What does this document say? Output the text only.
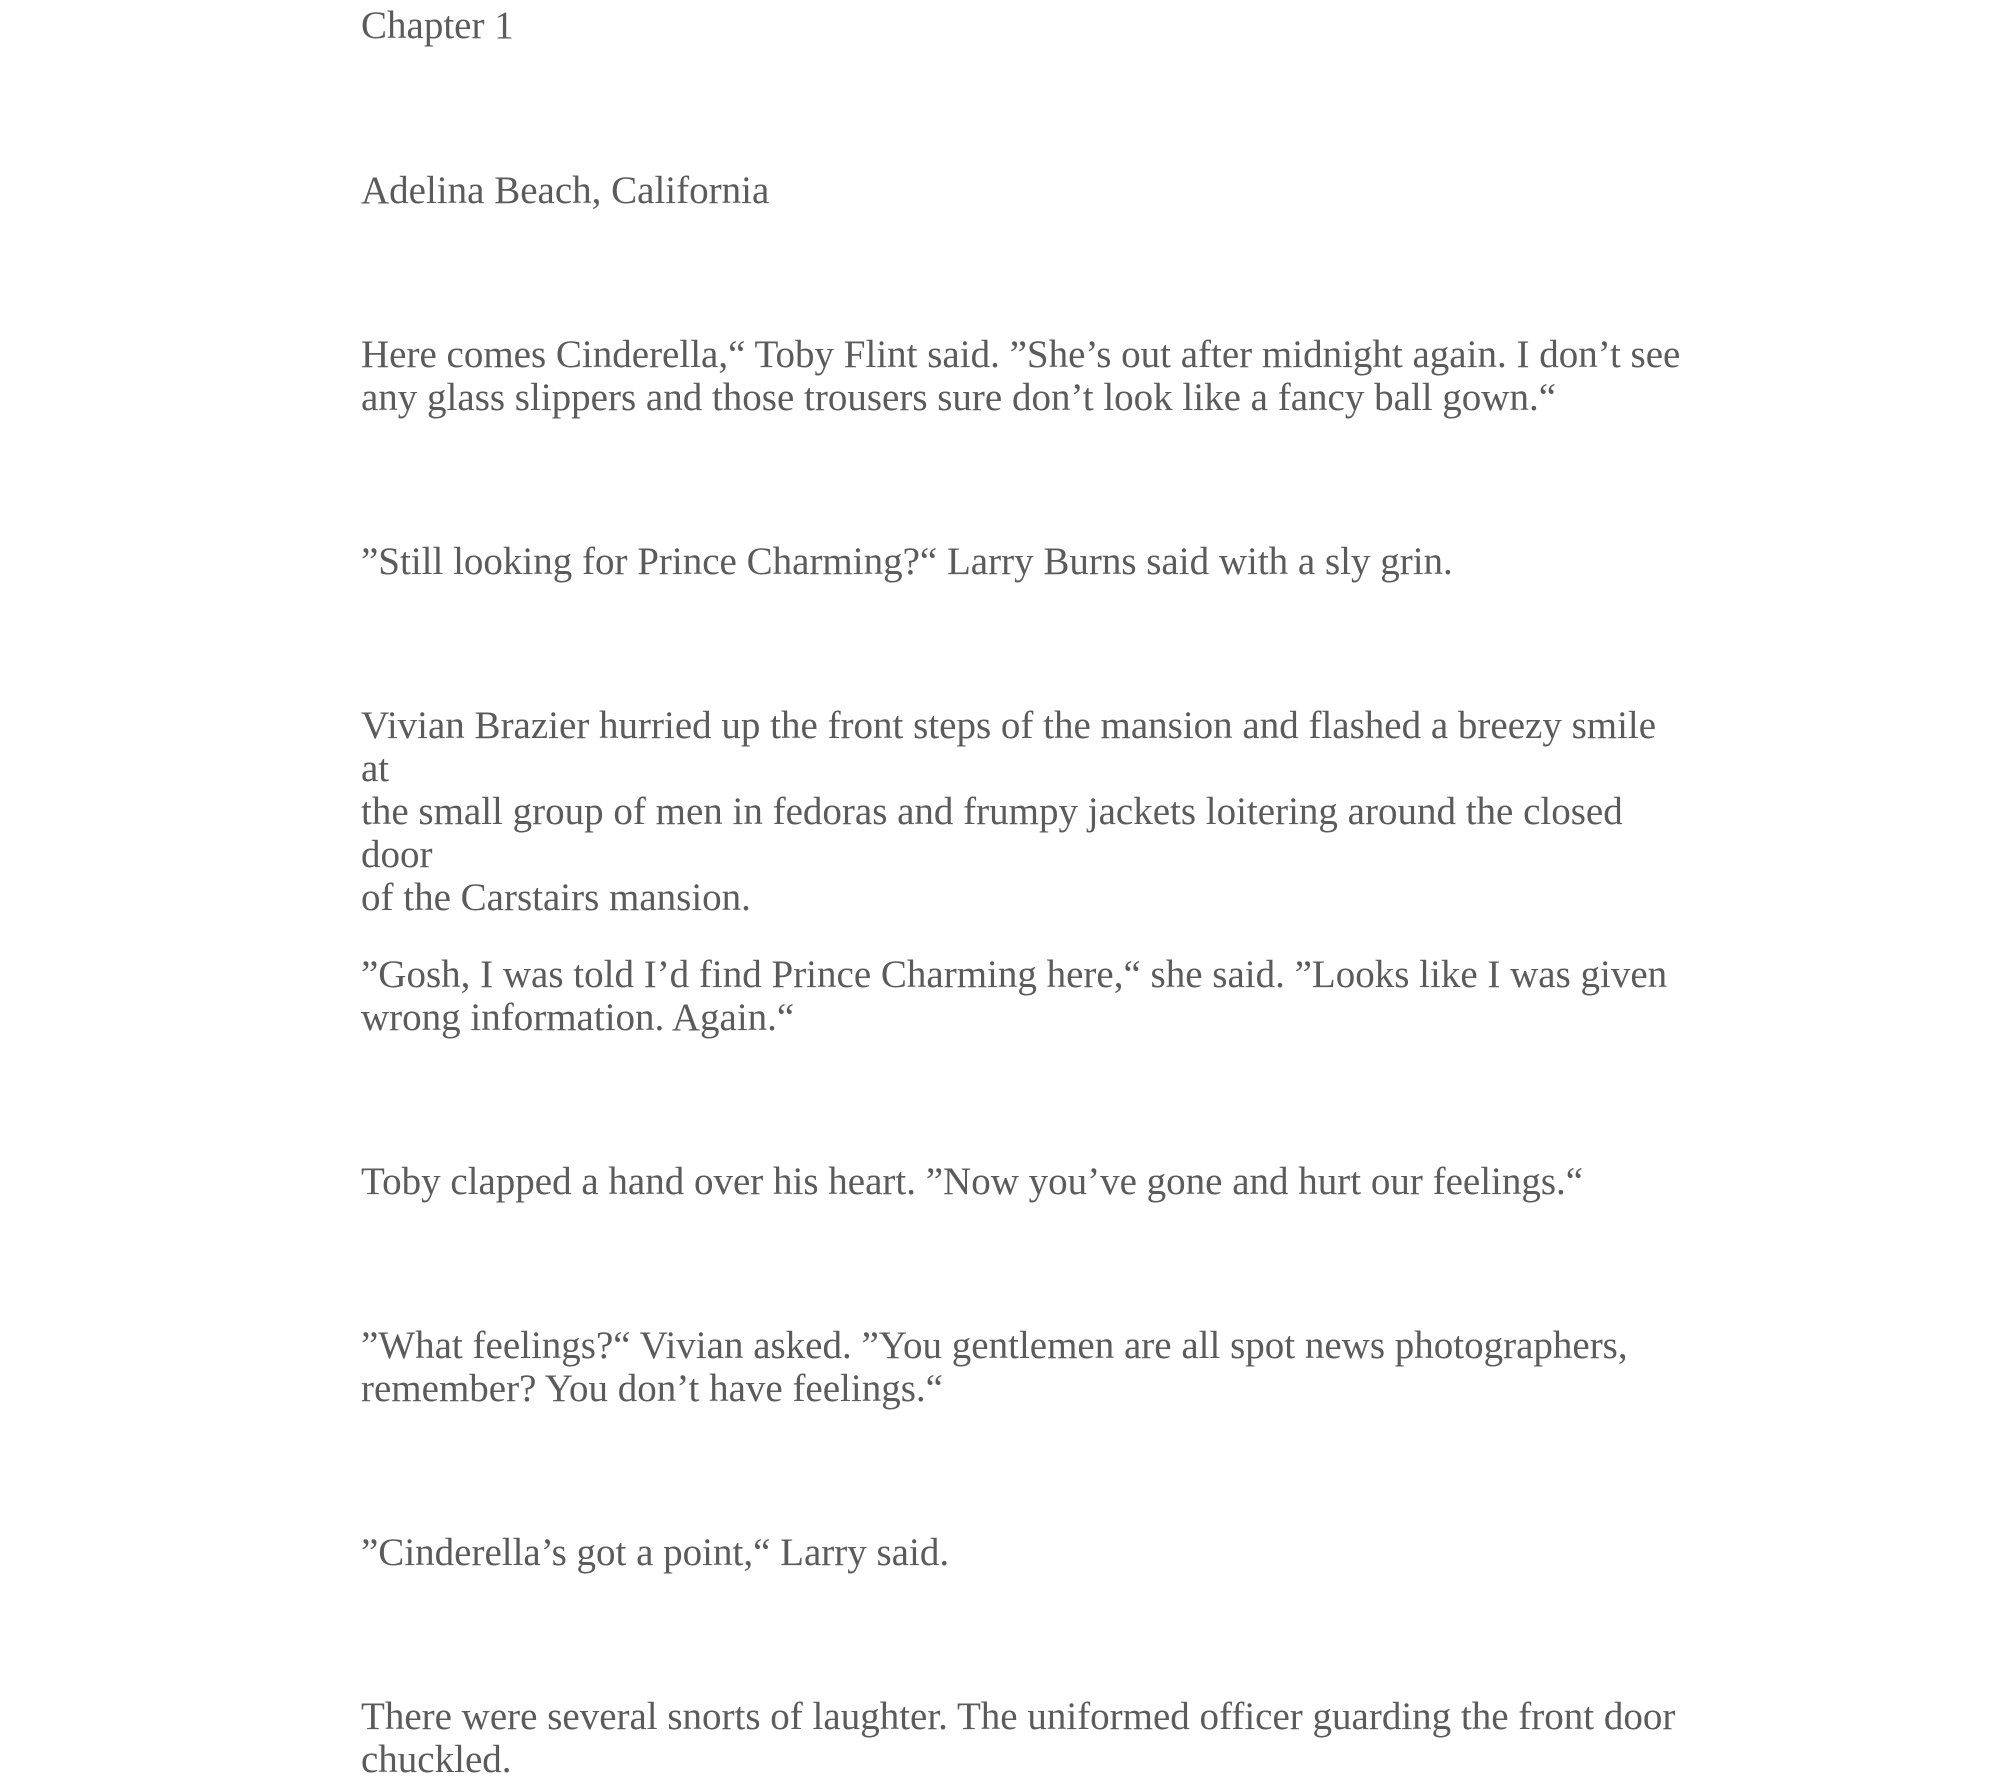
Chapter 1

Adelina Beach, California

Here comes Cinderella,“ Toby Flint said. ”She’s out after midnight again. I don’t see
any glass slippers and those trousers sure don’t look like a fancy ball gown.“

”Still looking for Prince Charming?“ Larry Burns said with a sly grin.

Vivian Brazier hurried up the front steps of the mansion and flashed a breezy smile at
the small group of men in fedoras and frumpy jackets loitering around the closed door
of the Carstairs mansion.

”Gosh, I was told I’d find Prince Charming here,“ she said. ”Looks like I was given
wrong information. Again.“

Toby clapped a hand over his heart. ”Now you’ve gone and hurt our feelings.“

”What feelings?“ Vivian asked. ”You gentlemen are all spot news photographers,
remember? You don’t have feelings.“

”Cinderella’s got a point,“ Larry said.

There were several snorts of laughter. The uniformed officer guarding the front door
chuckled.
